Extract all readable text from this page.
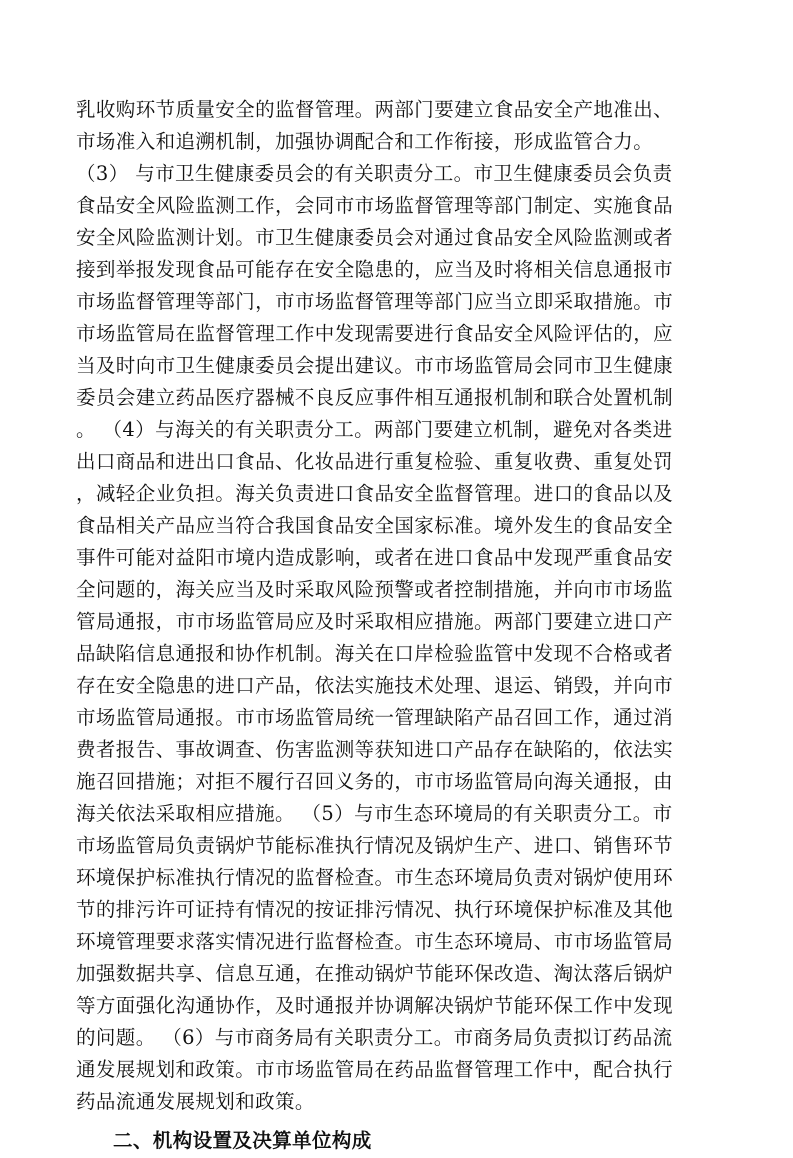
乳收购环节质量安全的监督管理。两部门要建立食品安全产地准出、
市场准入和追溯机制，加强协调配合和工作衔接，形成监管合力。
（3） 与市卫生健康委员会的有关职责分工。市卫生健康委员会负责
食品安全风险监测工作，会同市市场监督管理等部门制定、实施食品
安全风险监测计划。市卫生健康委员会对通过食品安全风险监测或者
接到举报发现食品可能存在安全隐患的，应当及时将相关信息通报市
市场监督管理等部门，市市场监督管理等部门应当立即采取措施。市
市场监管局在监督管理工作中发现需要进行食品安全风险评估的，应
当及时向市卫生健康委员会提出建议。市市场监管局会同市卫生健康
委员会建立药品医疗器械不良反应事件相互通报机制和联合处置机制
。 （4）与海关的有关职责分工。两部门要建立机制，避免对各类进
出口商品和进出口食品、化妆品进行重复检验、重复收费、重复处罚
，减轻企业负担。海关负责进口食品安全监督管理。进口的食品以及
食品相关产品应当符合我国食品安全国家标准。境外发生的食品安全
事件可能对益阳市境内造成影响，或者在进口食品中发现严重食品安
全问题的，海关应当及时采取风险预警或者控制措施，并向市市场监
管局通报，市市场监管局应及时采取相应措施。两部门要建立进口产
品缺陷信息通报和协作机制。海关在口岸检验监管中发现不合格或者
存在安全隐患的进口产品，依法实施技术处理、退运、销毁，并向市
市场监管局通报。市市场监管局统一管理缺陷产品召回工作，通过消
费者报告、事故调查、伤害监测等获知进口产品存在缺陷的，依法实
施召回措施；对拒不履行召回义务的，市市场监管局向海关通报，由
海关依法采取相应措施。 （5）与市生态环境局的有关职责分工。市
市场监管局负责锅炉节能标准执行情况及锅炉生产、进口、销售环节
环境保护标准执行情况的监督检查。市生态环境局负责对锅炉使用环
节的排污许可证持有情况的按证排污情况、执行环境保护标准及其他
环境管理要求落实情况进行监督检查。市生态环境局、市市场监管局
加强数据共享、信息互通，在推动锅炉节能环保改造、淘汰落后锅炉
等方面强化沟通协作，及时通报并协调解决锅炉节能环保工作中发现
的问题。 （6）与市商务局有关职责分工。市商务局负责拟订药品流
通发展规划和政策。市市场监管局在药品监督管理工作中，配合执行
药品流通发展规划和政策。
二、机构设置及决算单位构成
